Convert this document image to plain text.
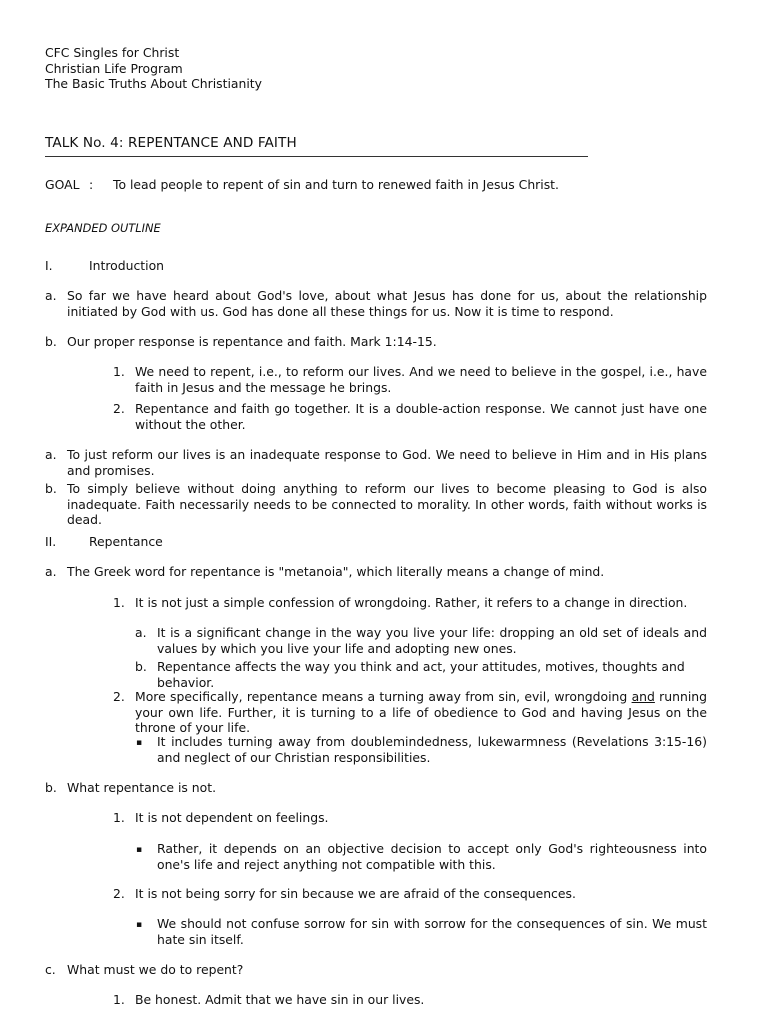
CFC Singles for Christ
Christian Life Program
The Basic Truths About Christianity
TALK No. 4: REPENTANCE AND FAITH
GOAL : To lead people to repent of sin and turn to renewed faith in Jesus Christ.
EXPANDED OUTLINE
I.	Introduction
a. So far we have heard about God's love, about what Jesus has done for us, about the relationship initiated by God with us. God has done all these things for us. Now it is time to respond.
b. Our proper response is repentance and faith. Mark 1:14-15.
1. We need to repent, i.e., to reform our lives. And we need to believe in the gospel, i.e., have faith in Jesus and the message he brings.
2. Repentance and faith go together. It is a double-action response. We cannot just have one without the other.
a. To just reform our lives is an inadequate response to God. We need to believe in Him and in His plans and promises.
b. To simply believe without doing anything to reform our lives to become pleasing to God is also inadequate. Faith necessarily needs to be connected to morality. In other words, faith without works is dead.
II.	Repentance
a. The Greek word for repentance is "metanoia", which literally means a change of mind.
1. It is not just a simple confession of wrongdoing. Rather, it refers to a change in direction.
a. It is a significant change in the way you live your life: dropping an old set of ideals and values by which you live your life and adopting new ones.
b. Repentance affects the way you think and act, your attitudes, motives, thoughts and behavior.
2. More specifically, repentance means a turning away from sin, evil, wrongdoing and running your own life. Further, it is turning to a life of obedience to God and having Jesus on the throne of your life.
▪ It includes turning away from doublemindedness, lukewarmness (Revelations 3:15-16) and neglect of our Christian responsibilities.
b. What repentance is not.
1. It is not dependent on feelings.
▪ Rather, it depends on an objective decision to accept only God's righteousness into one's life and reject anything not compatible with this.
2. It is not being sorry for sin because we are afraid of the consequences.
▪ We should not confuse sorrow for sin with sorrow for the consequences of sin. We must hate sin itself.
c. What must we do to repent?
1. Be honest. Admit that we have sin in our lives.
